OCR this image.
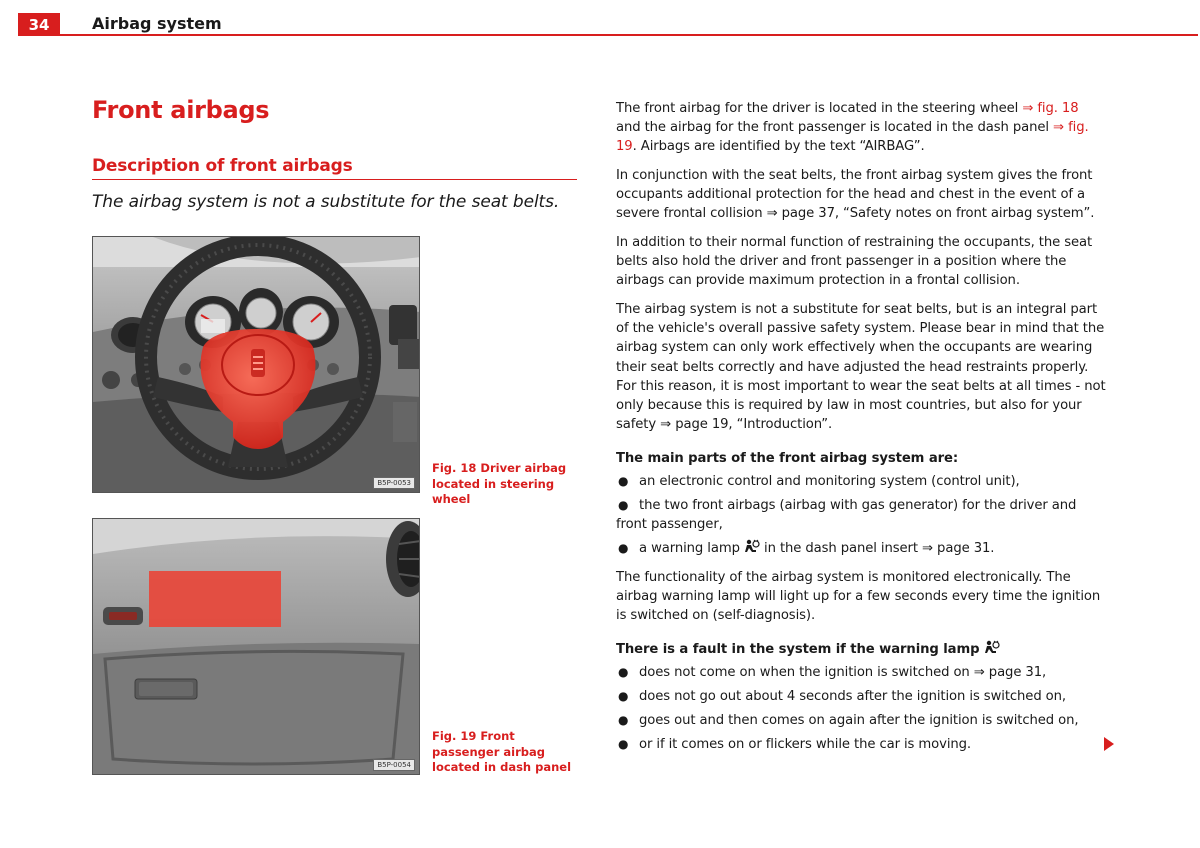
34	Airbag system
Front airbags
Description of front airbags
The airbag system is not a substitute for the seat belts.
B5P-0053
Fig. 18 Driver airbag located in steering wheel
B5P-0054
Fig. 19 Front passenger airbag located in dash panel
The front airbag for the driver is located in the steering wheel ⇒ fig. 18 and the airbag for the front passenger is located in the dash panel ⇒ fig. 19. Airbags are identified by the text “AIRBAG”.
In conjunction with the seat belts, the front airbag system gives the front occupants additional protection for the head and chest in the event of a severe frontal collision ⇒ page 37, “Safety notes on front airbag system”.
In addition to their normal function of restraining the occupants, the seat belts also hold the driver and front passenger in a position where the airbags can provide maximum protection in a frontal collision.
The airbag system is not a substitute for seat belts, but is an integral part of the vehicle's overall passive safety system. Please bear in mind that the airbag system can only work effectively when the occupants are wearing their seat belts correctly and have adjusted the head restraints properly. For this reason, it is most important to wear the seat belts at all times - not only because this is required by law in most countries, but also for your safety ⇒ page 19, “Introduction”.
The main parts of the front airbag system are:
● an electronic control and monitoring system (control unit),
● the two front airbags (airbag with gas generator) for the driver and front passenger,
● a warning lamp  in the dash panel insert ⇒ page 31.
The functionality of the airbag system is monitored electronically. The airbag warning lamp will light up for a few seconds every time the ignition is switched on (self-diagnosis).
There is a fault in the system if the warning lamp
● does not come on when the ignition is switched on ⇒ page 31,
● does not go out about 4 seconds after the ignition is switched on,
● goes out and then comes on again after the ignition is switched on,
● or if it comes on or flickers while the car is moving.
